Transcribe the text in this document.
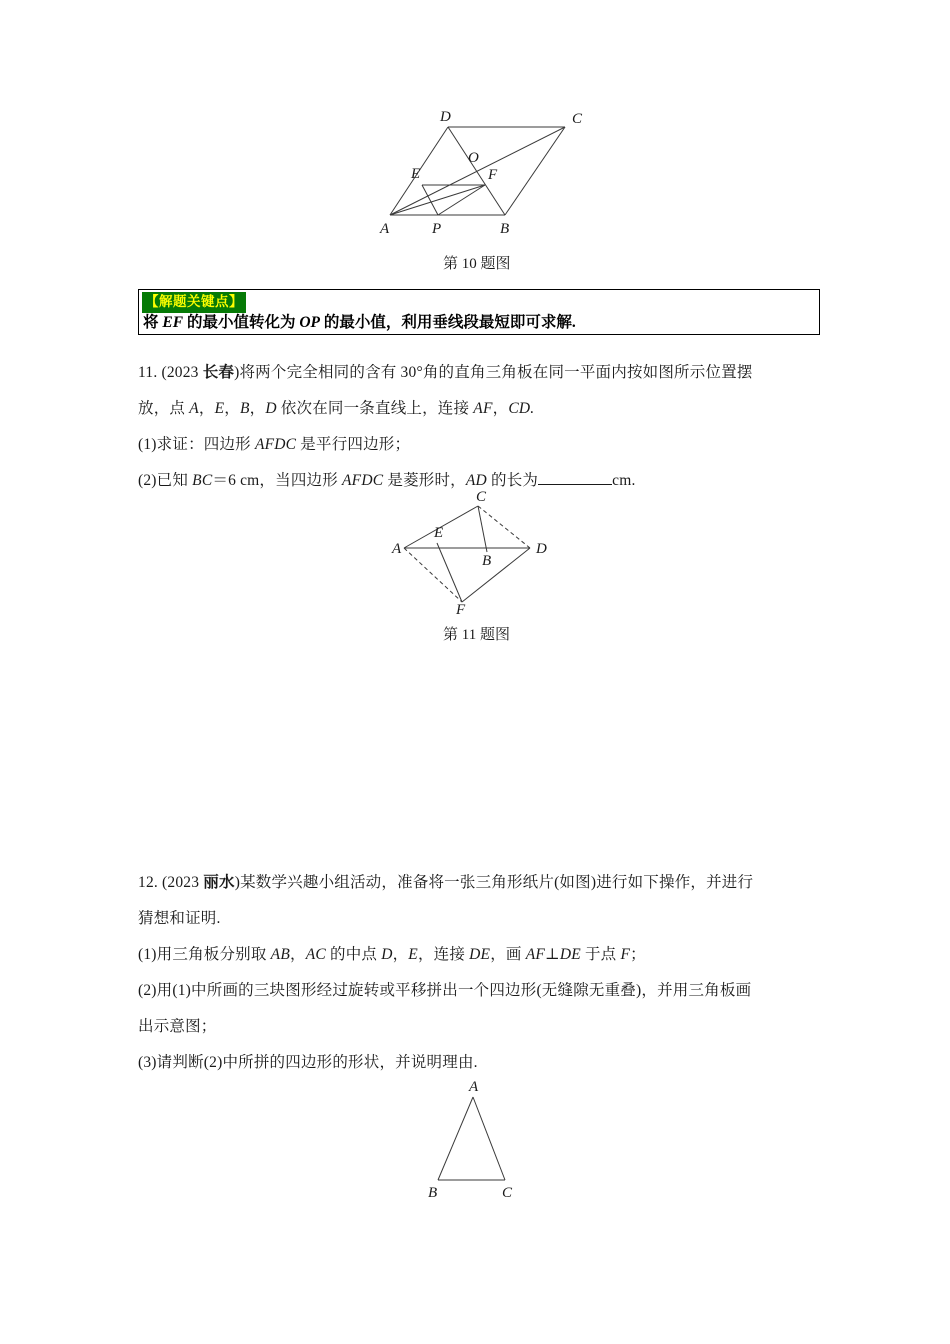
D	C
O
E	F
A	P	B
第 10 题图
【解题关键点】
将 EF 的最小值转化为 OP 的最小值，利用垂线段最短即可求解.
11. (2023 长春)将两个完全相同的含有 30°角的直角三角板在同一平面内按如图所示位置摆
放，点 A，E，B，D 依次在同一条直线上，连接 AF，CD.
(1)求证：四边形 AFDC 是平行四边形；
(2)已知 BC＝6 cm，当四边形 AFDC 是菱形时，AD 的长为	cm.
C
A
E
B
D
F
第 11 题图
12. (2023 丽水)某数学兴趣小组活动，准备将一张三角形纸片(如图)进行如下操作，并进行
猜想和证明.
(1)用三角板分别取 AB，AC 的中点 D，E，连接 DE，画 AF⊥DE 于点 F；
(2)用(1)中所画的三块图形经过旋转或平移拼出一个四边形(无缝隙无重叠)，并用三角板画
出示意图；
(3)请判断(2)中所拼的四边形的形状，并说明理由.
A
B	C
